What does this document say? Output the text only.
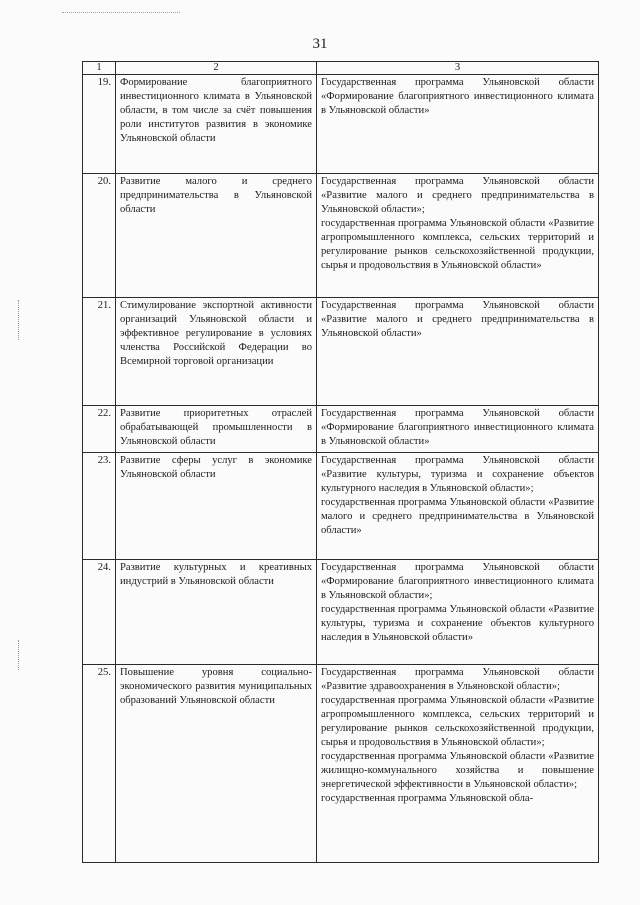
31
1	2	3
19.	Формирование благоприятного инвестиционного климата в Ульяновской области, в том числе за счёт повышения роли институтов развития в экономике Ульяновской области	Государственная программа Ульяновской области «Формирование благоприятного инвестиционного климата в Ульяновской области»

20.	Развитие малого и среднего предпринимательства в Ульяновской области	Государственная программа Ульяновской области «Развитие малого и среднего предпринимательства в Ульяновской области»;
государственная программа Ульяновской области «Развитие агропромышленного комплекса, сельских территорий и регулирование рынков сельскохозяйственной продукции, сырья и продовольствия в Ульяновской области»

21.	Стимулирование экспортной активности организаций Ульяновской области и эффективное регулирование в условиях членства Российской Федерации во Всемирной торговой организации	Государственная программа Ульяновской области «Развитие малого и среднего предпринимательства в Ульяновской области»

22.	Развитие приоритетных отраслей обрабатывающей промышленности в Ульяновской области	Государственная программа Ульяновской области «Формирование благоприятного инвестиционного климата в Ульяновской области»

23.	Развитие сферы услуг в экономике Ульяновской области	Государственная программа Ульяновской области «Развитие культуры, туризма и сохранение объектов культурного наследия в Ульяновской области»;
государственная программа Ульяновской области «Развитие малого и среднего предпринимательства в Ульяновской области»

24.	Развитие культурных и креативных индустрий в Ульяновской области	Государственная программа Ульяновской области «Формирование благоприятного инвестиционного климата в Ульяновской области»;
государственная программа Ульяновской области «Развитие культуры, туризма и сохранение объектов культурного наследия в Ульяновской области»

25.	Повышение уровня социально-экономического развития муниципальных образований Ульяновской области	Государственная программа Ульяновской области «Развитие здравоохранения в Ульяновской области»;
государственная программа Ульяновской области «Развитие агропромышленного комплекса, сельских территорий и регулирование рынков сельскохозяйственной продукции, сырья и продовольствия в Ульяновской области»;
государственная программа Ульяновской области «Развитие жилищно-коммунального хозяйства и повышение энергетической эффективности в Ульяновской области»;
государственная программа Ульяновской обла-
